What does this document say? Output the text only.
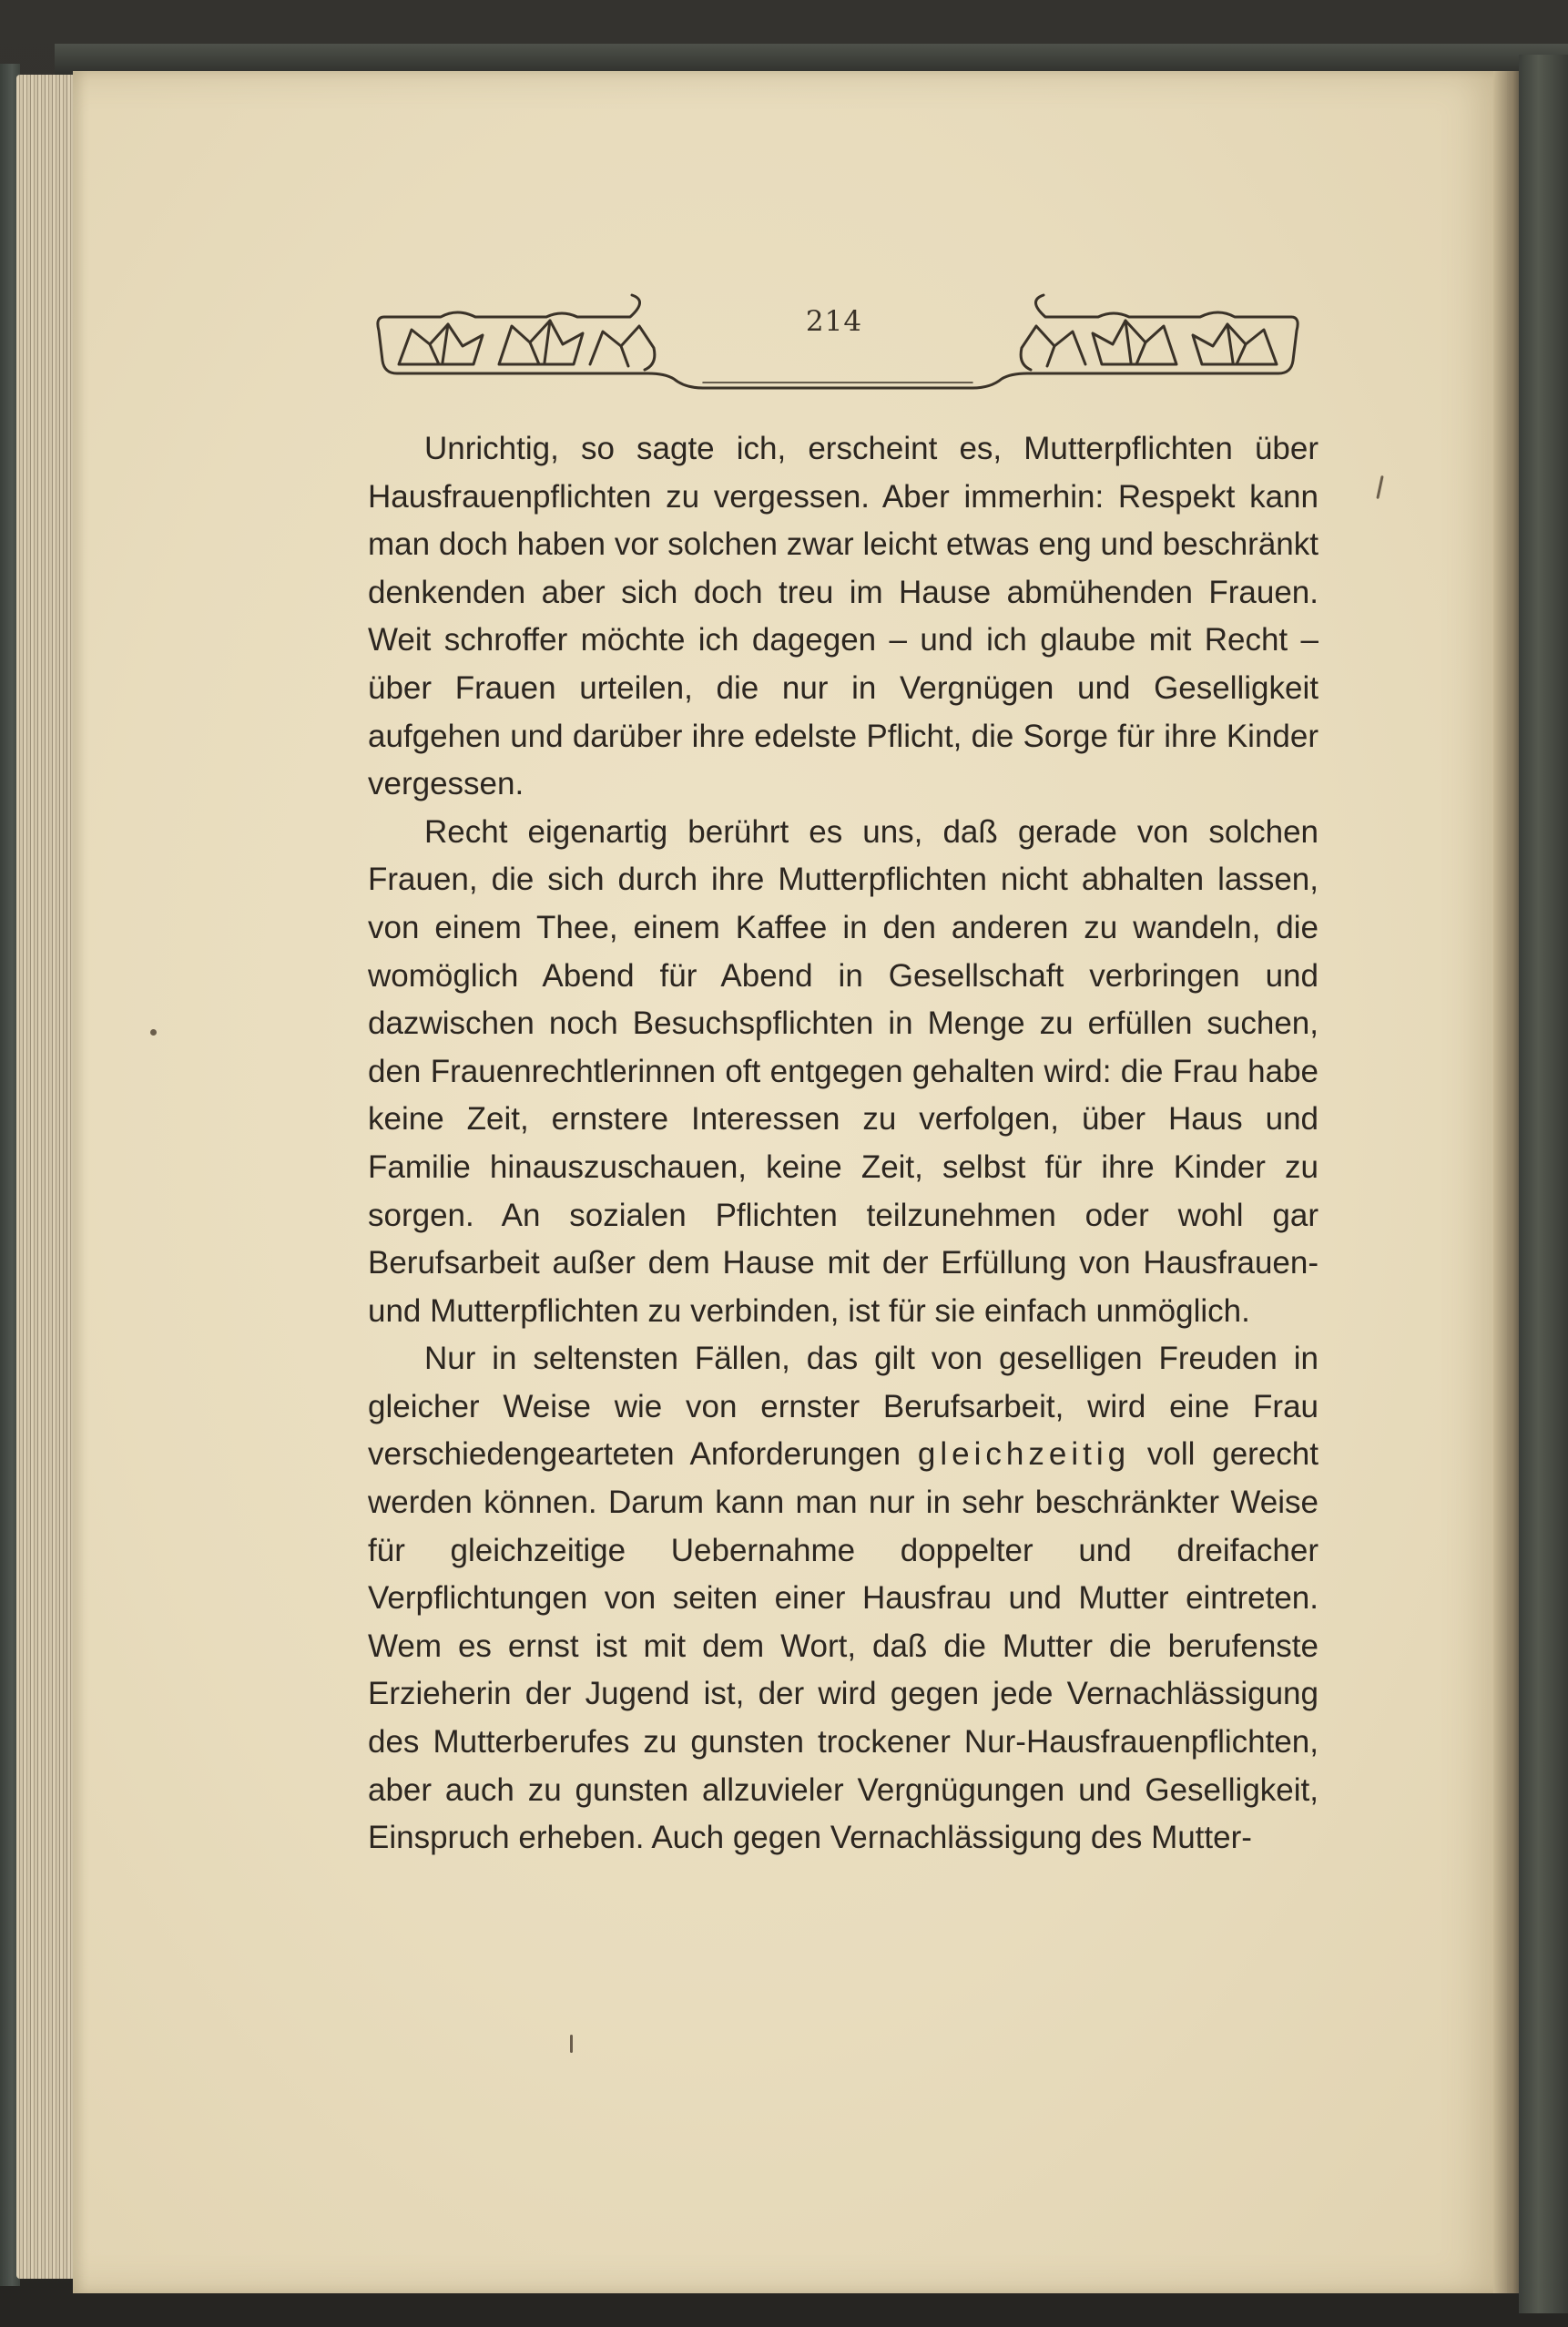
214

Unrichtig, so sagte ich, erscheint es, Mutterpflichten über Hausfrauenpflichten zu vergessen. Aber immerhin: Respekt kann man doch haben vor solchen zwar leicht etwas eng und beschränkt denkenden aber sich doch treu im Hause abmühenden Frauen. Weit schroffer möchte ich dagegen – und ich glaube mit Recht – über Frauen urteilen, die nur in Vergnügen und Geselligkeit aufgehen und darüber ihre edelste Pflicht, die Sorge für ihre Kinder vergessen.

Recht eigenartig berührt es uns, daß gerade von solchen Frauen, die sich durch ihre Mutterpflichten nicht abhalten lassen, von einem Thee, einem Kaffee in den anderen zu wandeln, die womöglich Abend für Abend in Gesellschaft verbringen und dazwischen noch Besuchspflichten in Menge zu erfüllen suchen, den Frauenrechtlerinnen oft entgegen gehalten wird: die Frau habe keine Zeit, ernstere Interessen zu verfolgen, über Haus und Familie hinauszuschauen, keine Zeit, selbst für ihre Kinder zu sorgen. An sozialen Pflichten teilzunehmen oder wohl gar Berufsarbeit außer dem Hause mit der Erfüllung von Hausfrauen- und Mutterpflichten zu verbinden, ist für sie einfach unmöglich.

Nur in seltensten Fällen, das gilt von geselligen Freuden in gleicher Weise wie von ernster Berufsarbeit, wird eine Frau verschiedengearteten Anforderungen gleichzeitig voll gerecht werden können. Darum kann man nur in sehr beschränkter Weise für gleichzeitige Uebernahme doppelter und dreifacher Verpflichtungen von seiten einer Hausfrau und Mutter eintreten. Wem es ernst ist mit dem Wort, daß die Mutter die berufenste Erzieherin der Jugend ist, der wird gegen jede Vernachlässigung des Mutterberufes zu gunsten trockener Nur-Hausfrauenpflichten, aber auch zu gunsten allzuvieler Vergnügungen und Geselligkeit, Einspruch erheben. Auch gegen Vernachlässigung des Mutter-
